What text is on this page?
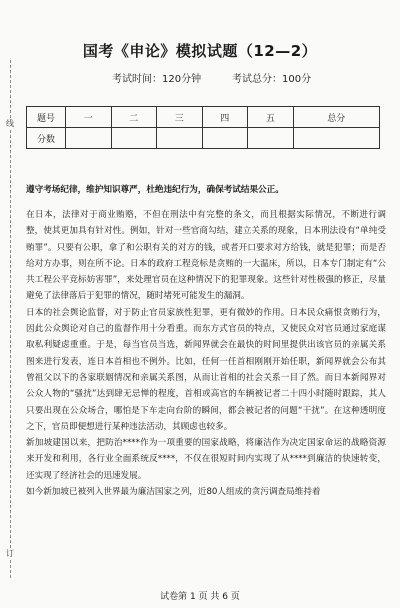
线
订
国考《申论》模拟试题（12—2）
考试时间：120分钟	考试总分：100分
题号	一	二	三	四	五	总分
分数						
遵守考场纪律，维护知识尊严，杜绝违纪行为，确保考试结果公正。

在日本，法律对于商业贿赂，不但在刑法中有完整的条文，而且根据实际情况，不断进行调整，使其更加具有针对性。例如，针对一些官商勾结，建立关系的现象，日本刑法设有“单纯受贿罪”。只要有公职，拿了和公职有关的对方的钱，或者开口要求对方给钱，就是犯罪；而是否给对方办事，则在所不论。日本的政府工程竞标是贪贿的一大温床，所以，日本专门制定有“公共工程公平竞标妨害罪”，来处理官员在这种情况下的犯罪现象。这些针对性极强的修正，尽量避免了法律落后于犯罪的情况，随时堵死可能发生的漏洞。

日本的社会舆论监督，对于防止官员家族性犯罪，更有微妙的作用。日本民众痛恨贪贿行为，因此公众舆论对自己的监督作用十分看重。而东方式官员的特点，又使民众对官员通过家庭谋取私利疑虑重重。于是，每当官员当选，新闻界就会在最快的时间里提供出该官员的亲属关系图来进行发表，连日本首相也不例外。比如，任何一任首相刚刚开始任职，新闻界就会公布其曾祖父以下的各家联姻情况和亲属关系图，从而让首相的社会关系一目了然。而日本新闻界对公众人物的“骚扰”达到肆无忌惮的程度，首相或高官的车辆被记者二十四小时随时跟踪，其人只要出现在公众场合，哪怕是下车走向台阶的瞬间，都会被记者的问题“干扰”。在这种透明度之下，官员即便想进行某种违法活动，其顾虑也较多。

新加坡建国以来，把防治****作为一项重要的国家战略，将廉洁作为决定国家命运的战略资源来开发和利用，各行业全面系统反****，不仅在很短时间内实现了从****到廉洁的快速转变，还实现了经济社会的迅速发展。

如今新加坡已被列入世界最为廉洁国家之列，近80人组成的贪污调查局维持着

试卷第 1 页 共 6 页
